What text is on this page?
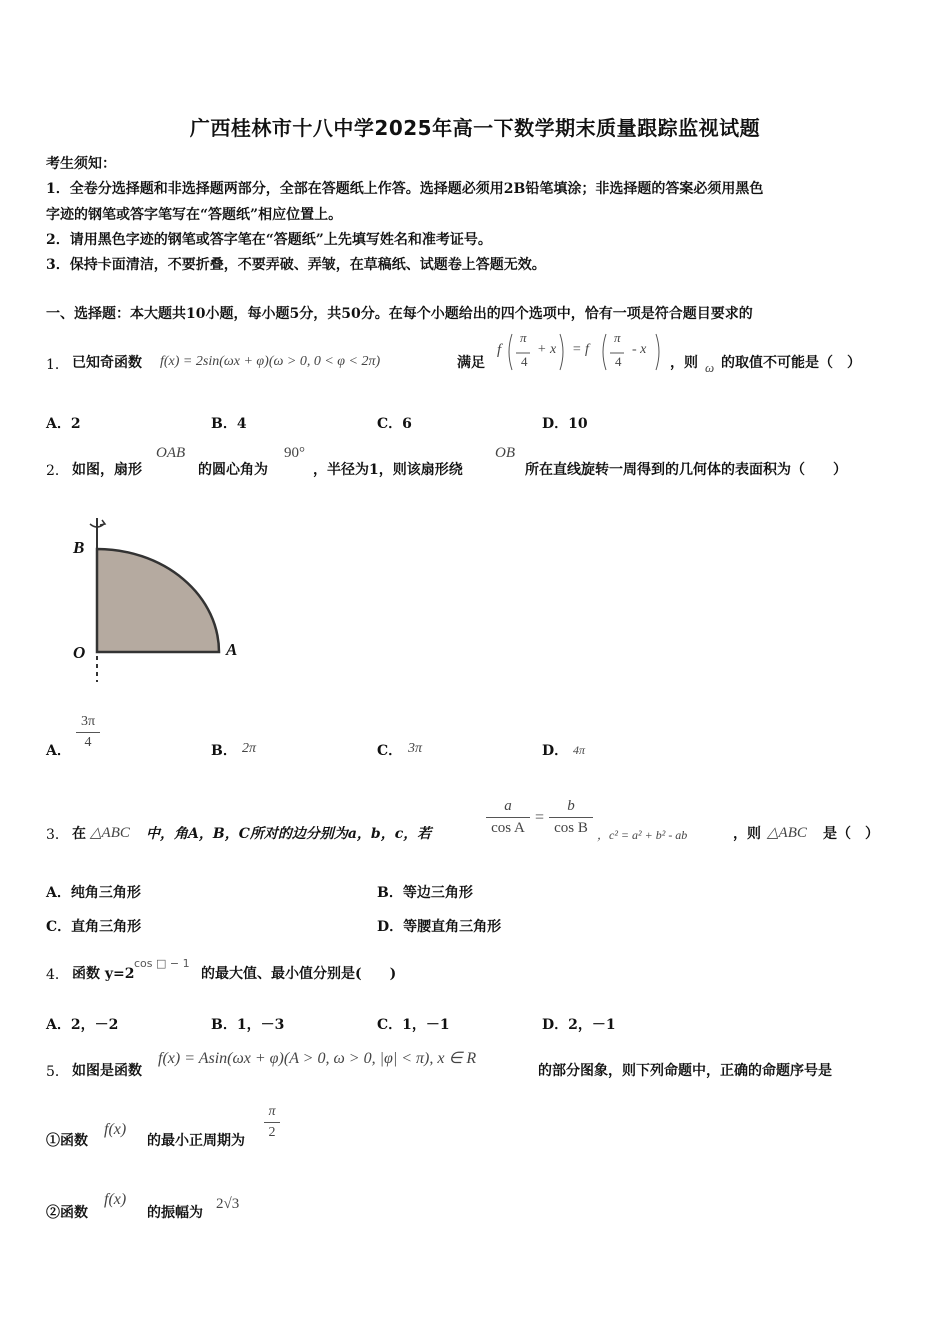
广西桂林市十八中学2025年高一下数学期末质量跟踪监视试题
考生须知：
1．全卷分选择题和非选择题两部分，全部在答题纸上作答。选择题必须用2B铅笔填涂；非选择题的答案必须用黑色
字迹的钢笔或答字笔写在“答题纸”相应位置上。
2．请用黑色字迹的钢笔或答字笔在“答题纸”上先填写姓名和准考证号。
3．保持卡面清洁，不要折叠，不要弄破、弄皱，在草稿纸、试题卷上答题无效。
一、选择题：本大题共10小题，每小题5分，共50分。在每个小题给出的四个选项中，恰有一项是符合题目要求的
1． 已知奇函数 f(x) = 2sin(ωx + φ)(ω > 0, 0 < φ < 2π)	满足
f
π
4
+ x = f
π
4
- x
，则 ω 的取值不可能是（　）
A．2	B．4	C．6	D．10
2． 如图，扇形
OAB
的圆心角为
90°
，半径为1，则该扇形绕
OB
所在直线旋转一周得到的几何体的表面积为（　　）
B
O	A
A．
3π
4
B． 2π	C． 3π	D． 4π
3． 在 △ABC 中，角A，B，C所对的边分别为a，b，c，若
a
cos A
=
b
cos B ，c² = a² + b² - ab	，则 △ABC 是（　）
A．纯角三角形	B．等边三角形
C．直角三角形	D．等腰直角三角形
4． 函数 y=2
cos □ − 1
的最大值、最小值分别是(　　)
A．2，－2	B．1，－3	C．1，－1	D．2，－1
5． 如图是函数
f(x) = Asin(ωx + φ)(A > 0, ω > 0, |φ| < π), x ∈ R
的部分图象，则下列命题中，正确的命题序号是
①函数
f(x)
的最小正周期为
π
2
②函数
f(x)
的振幅为
2√3
